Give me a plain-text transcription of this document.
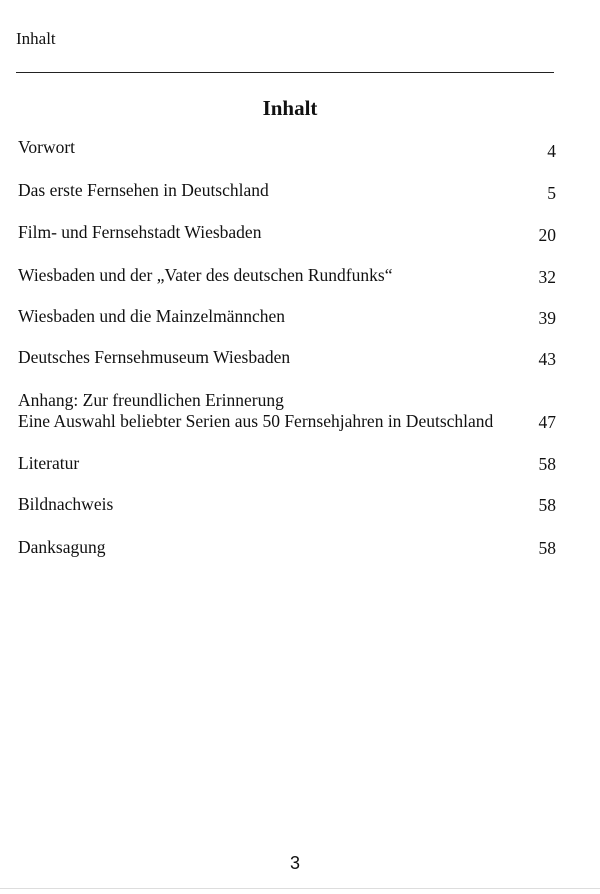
Inhalt
Inhalt
Vorwort	4
Das erste Fernsehen in Deutschland	5
Film- und Fernsehstadt Wiesbaden	20
Wiesbaden und der „Vater des deutschen Rundfunks“	32
Wiesbaden und die Mainzelmännchen	39
Deutsches Fernsehmuseum Wiesbaden	43
Anhang: Zur freundlichen Erinnerung
Eine Auswahl beliebter Serien aus 50 Fernsehjahren in Deutschland	47
Literatur	58
Bildnachweis	58
Danksagung	58
3
